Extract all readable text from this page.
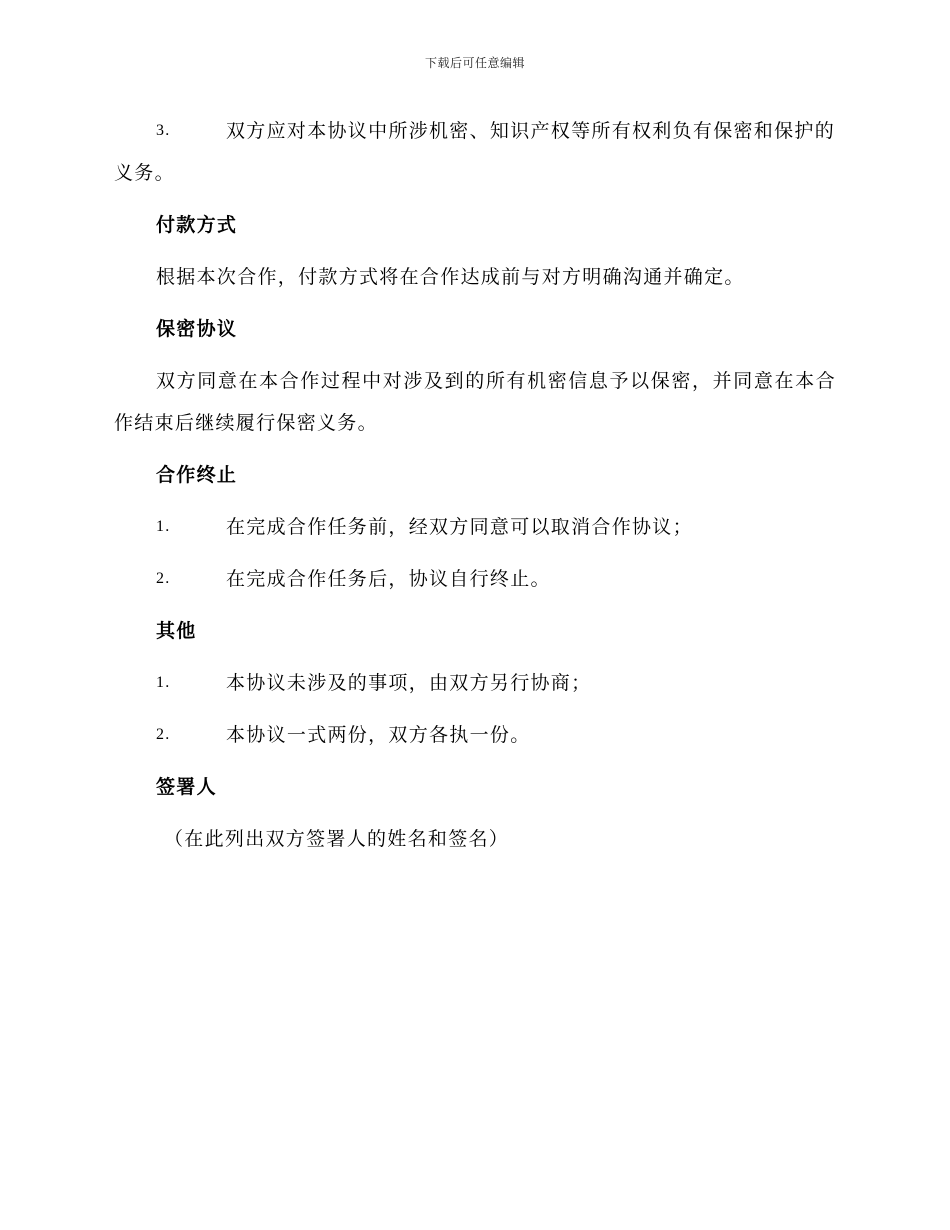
下载后可任意编辑
3.	双方应对本协议中所涉机密、知识产权等所有权利负有保密和保护的义务。
付款方式
根据本次合作，付款方式将在合作达成前与对方明确沟通并确定。
保密协议
双方同意在本合作过程中对涉及到的所有机密信息予以保密，并同意在本合作结束后继续履行保密义务。
合作终止
1.	在完成合作任务前，经双方同意可以取消合作协议；
2.	在完成合作任务后，协议自行终止。
其他
1.	本协议未涉及的事项，由双方另行协商；
2.	本协议一式两份，双方各执一份。
签署人
（在此列出双方签署人的姓名和签名）
